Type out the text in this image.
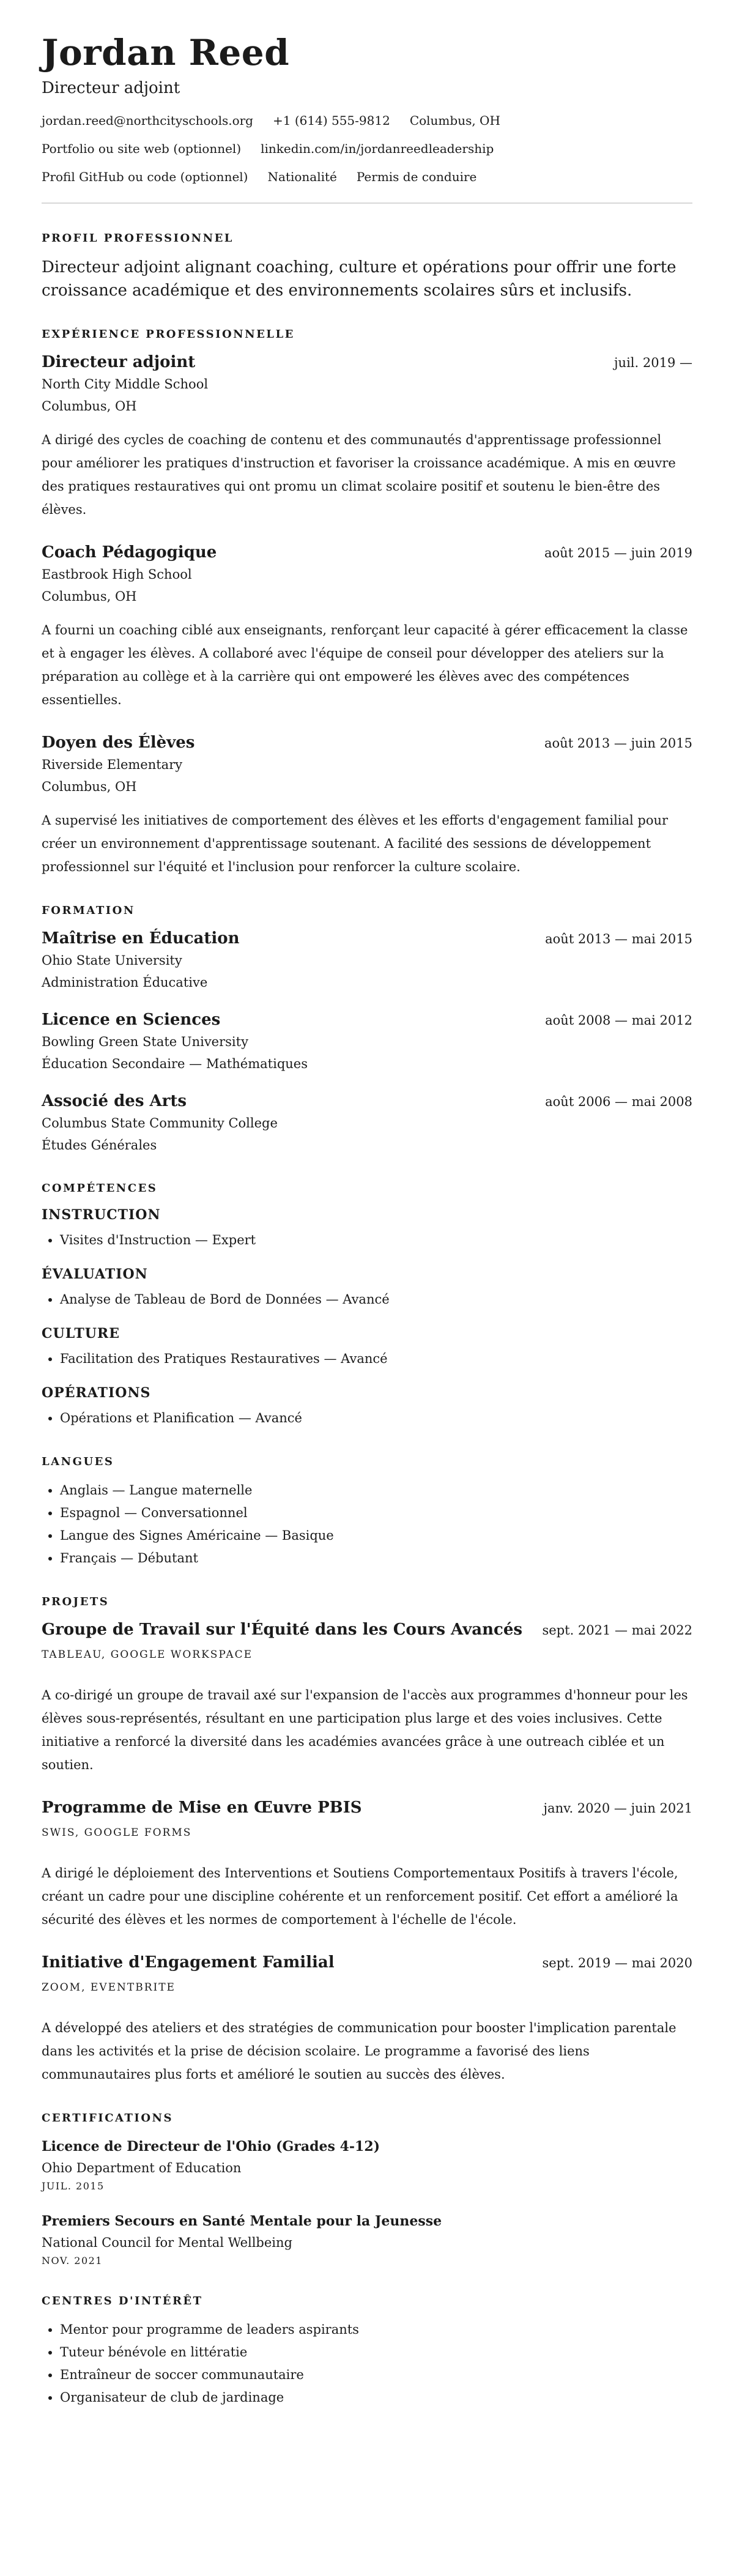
Jordan Reed
Directeur adjoint
jordan.reed@northcityschools.org +1 (614) 555-9812 Columbus, OH
Portfolio ou site web (optionnel) linkedin.com/in/jordanreedleadership
Profil GitHub ou code (optionnel) Nationalité Permis de conduire
PROFIL PROFESSIONNEL

Directeur adjoint alignant coaching, culture et opérations pour offrir une forte croissance académique et des environnements scolaires sûrs et inclusifs.

EXPÉRIENCE PROFESSIONNELLE
Directeur adjoint	juil. 2019 —
North City Middle School
Columbus, OH

A dirigé des cycles de coaching de contenu et des communautés d'apprentissage professionnel pour améliorer les pratiques d'instruction et favoriser la croissance académique. A mis en œuvre des pratiques restauratives qui ont promu un climat scolaire positif et soutenu le bien-être des élèves.

Coach Pédagogique	août 2015 — juin 2019
Eastbrook High School
Columbus, OH

A fourni un coaching ciblé aux enseignants, renforçant leur capacité à gérer efficacement la classe et à engager les élèves. A collaboré avec l'équipe de conseil pour développer des ateliers sur la préparation au collège et à la carrière qui ont empoweré les élèves avec des compétences essentielles.

Doyen des Élèves	août 2013 — juin 2015
Riverside Elementary
Columbus, OH

A supervisé les initiatives de comportement des élèves et les efforts d'engagement familial pour créer un environnement d'apprentissage soutenant. A facilité des sessions de développement professionnel sur l'équité et l'inclusion pour renforcer la culture scolaire.

FORMATION
Maîtrise en Éducation	août 2013 — mai 2015
Ohio State University
Administration Éducative
Licence en Sciences	août 2008 — mai 2012
Bowling Green State University
Éducation Secondaire — Mathématiques
Associé des Arts	août 2006 — mai 2008
Columbus State Community College
Études Générales
COMPÉTENCES
INSTRUCTION
• Visites d'Instruction — Expert
ÉVALUATION
• Analyse de Tableau de Bord de Données — Avancé
CULTURE
• Facilitation des Pratiques Restauratives — Avancé
OPÉRATIONS
• Opérations et Planification — Avancé
LANGUES
• Anglais — Langue maternelle
• Espagnol — Conversationnel
• Langue des Signes Américaine — Basique
• Français — Débutant
PROJETS
Groupe de Travail sur l'Équité dans les Cours Avancés sept. 2021 — mai 2022
TABLEAU, GOOGLE WORKSPACE

A co-dirigé un groupe de travail axé sur l'expansion de l'accès aux programmes d'honneur pour les élèves sous-représentés, résultant en une participation plus large et des voies inclusives. Cette initiative a renforcé la diversité dans les académies avancées grâce à une outreach ciblée et un soutien.

Programme de Mise en Œuvre PBIS	janv. 2020 — juin 2021
SWIS, GOOGLE FORMS

A dirigé le déploiement des Interventions et Soutiens Comportementaux Positifs à travers l'école, créant un cadre pour une discipline cohérente et un renforcement positif. Cet effort a amélioré la sécurité des élèves et les normes de comportement à l'échelle de l'école.

Initiative d'Engagement Familial	sept. 2019 — mai 2020
ZOOM, EVENTBRITE

A développé des ateliers et des stratégies de communication pour booster l'implication parentale dans les activités et la prise de décision scolaire. Le programme a favorisé des liens communautaires plus forts et amélioré le soutien au succès des élèves.

CERTIFICATIONS
Licence de Directeur de l'Ohio (Grades 4-12)
Ohio Department of Education
JUIL. 2015
Premiers Secours en Santé Mentale pour la Jeunesse
National Council for Mental Wellbeing
NOV. 2021
CENTRES D'INTÉRÊT
• Mentor pour programme de leaders aspirants
• Tuteur bénévole en littératie
• Entraîneur de soccer communautaire
• Organisateur de club de jardinage
